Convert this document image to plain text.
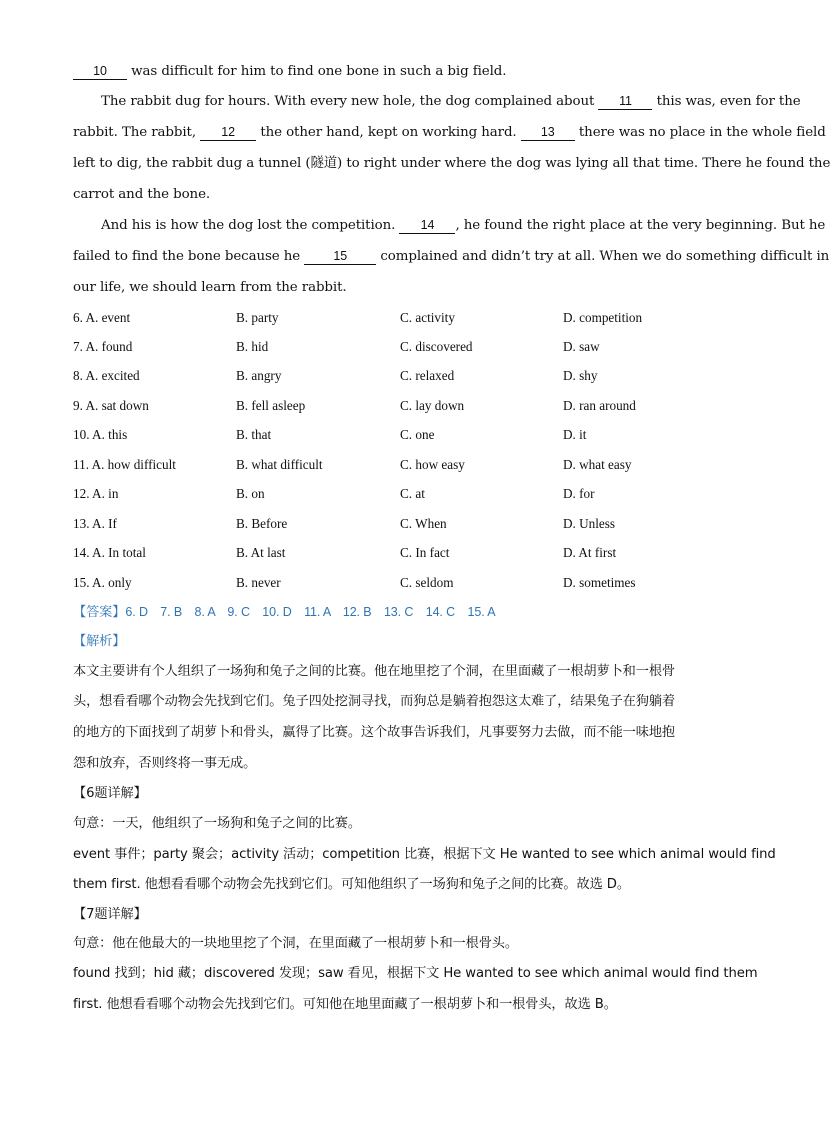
10 was difficult for him to find one bone in such a big field.
The rabbit dug for hours. With every new hole, the dog complained about 11 this was, even for the
rabbit. The rabbit, 12 the other hand, kept on working hard. 13 there was no place in the whole field
left to dig, the rabbit dug a tunnel (隧道) to right under where the dog was lying all that time. There he found the
carrot and the bone.
And his is how the dog lost the competition. 14 , he found the right place at the very beginning. But he
failed to find the bone because he 15 complained and didn’t try at all. When we do something difficult in
our life, we should learn from the rabbit.
6. A. event	B. party	C. activity	D. competition
7. A. found	B. hid	C. discovered	D. saw
8. A. excited	B. angry	C. relaxed	D. shy
9. A. sat down	B. fell asleep	C. lay down	D. ran around
10. A. this	B. that	C. one	D. it
11. A. how difficult	B. what difficult	C. how easy	D. what easy
12. A. in	B. on	C. at	D. for
13. A. If	B. Before	C. When	D. Unless
14. A. In total	B. At last	C. In fact	D. At first
15. A. only	B. never	C. seldom	D. sometimes
【答案】6. D　7. B　8. A　9. C　10. D　11. A　12. B　13. C　14. C　15. A
【解析】
本文主要讲有个人组织了一场狗和兔子之间的比赛。他在地里挖了个洞，在里面藏了一根胡萝卜和一根骨
头，想看看哪个动物会先找到它们。兔子四处挖洞寻找，而狗总是躺着抱怨这太难了，结果兔子在狗躺着
的地方的下面找到了胡萝卜和骨头，赢得了比赛。这个故事告诉我们，凡事要努力去做，而不能一味地抱
怨和放弃，否则终将一事无成。
【6题详解】
句意：一天，他组织了一场狗和兔子之间的比赛。
event 事件；party 聚会；activity 活动；competition 比赛，根据下文 He wanted to see which animal would find
them first. 他想看看哪个动物会先找到它们。可知他组织了一场狗和兔子之间的比赛。故选 D。
【7题详解】
句意：他在他最大的一块地里挖了个洞，在里面藏了一根胡萝卜和一根骨头。
found 找到；hid 藏；discovered 发现；saw 看见，根据下文 He wanted to see which animal would find them
first. 他想看看哪个动物会先找到它们。可知他在地里面藏了一根胡萝卜和一根骨头，故选 B。
